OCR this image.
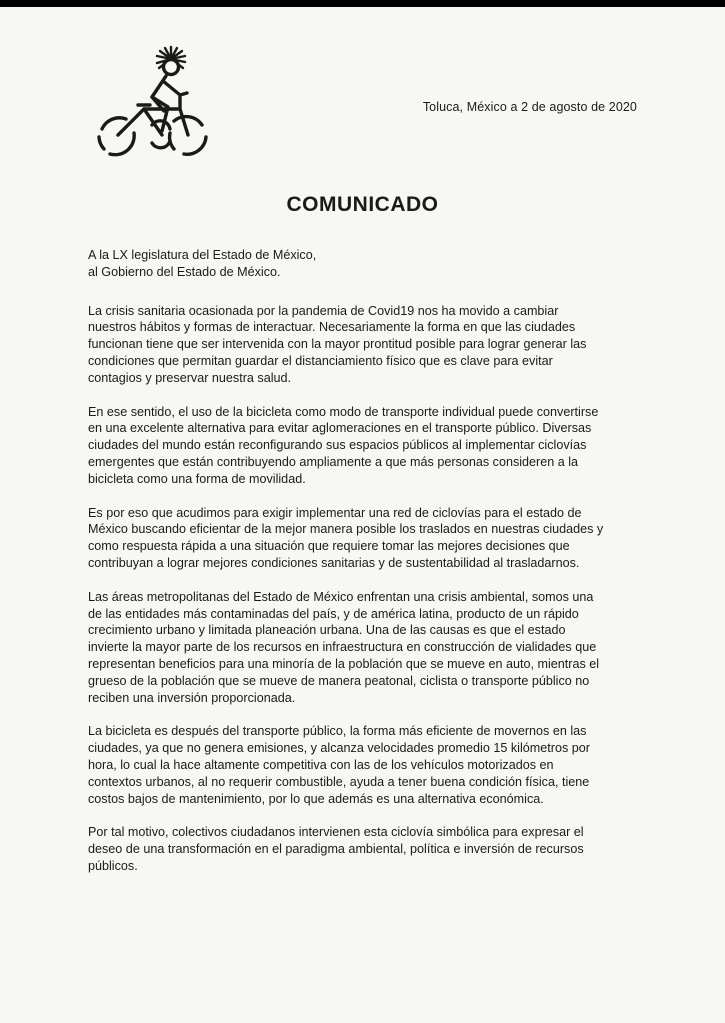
Toluca, México a 2 de agosto de 2020
COMUNICADO
A la LX legislatura del Estado de México,
al Gobierno del Estado de México.
La crisis sanitaria ocasionada por la pandemia de Covid19 nos ha movido a cambiar
nuestros hábitos y formas de interactuar. Necesariamente la forma en que las ciudades
funcionan tiene que ser intervenida con la mayor prontitud posible para lograr generar las
condiciones que permitan guardar el distanciamiento físico que es clave para evitar
contagios y preservar nuestra salud.
En ese sentido, el uso de la bicicleta como modo de transporte individual puede convertirse
en una excelente alternativa para evitar aglomeraciones en el transporte público. Diversas
ciudades del mundo están reconfigurando sus espacios públicos al implementar ciclovías
emergentes que están contribuyendo ampliamente a que más personas consideren a la
bicicleta como una forma de movilidad.
Es por eso que acudimos para exigir implementar una red de ciclovías para el estado de
México buscando eficientar de la mejor manera posible los traslados en nuestras ciudades y
como respuesta rápida a una situación que requiere tomar las mejores decisiones que
contribuyan a lograr mejores condiciones sanitarias y de sustentabilidad al trasladarnos.
Las áreas metropolitanas del Estado de México enfrentan una crisis ambiental, somos una
de las entidades más contaminadas del país, y de américa latina, producto de un rápido
crecimiento urbano y limitada planeación urbana. Una de las causas es que el estado
invierte la mayor parte de los recursos en infraestructura en construcción de vialidades que
representan beneficios para una minoría de la población que se mueve en auto, mientras el
grueso de la población que se mueve de manera peatonal, ciclista o transporte público no
reciben una inversión proporcionada.
La bicicleta es después del transporte público, la forma más eficiente de movernos en las
ciudades, ya que no genera emisiones, y alcanza velocidades promedio 15 kilómetros por
hora, lo cual la hace altamente competitiva con las de los vehículos motorizados en
contextos urbanos, al no requerir combustible, ayuda a tener buena condición física, tiene
costos bajos de mantenimiento, por lo que además es una alternativa económica.
Por tal motivo, colectivos ciudadanos intervienen esta ciclovía simbólica para expresar el
deseo de una transformación en el paradigma ambiental, política e inversión de recursos
públicos.
